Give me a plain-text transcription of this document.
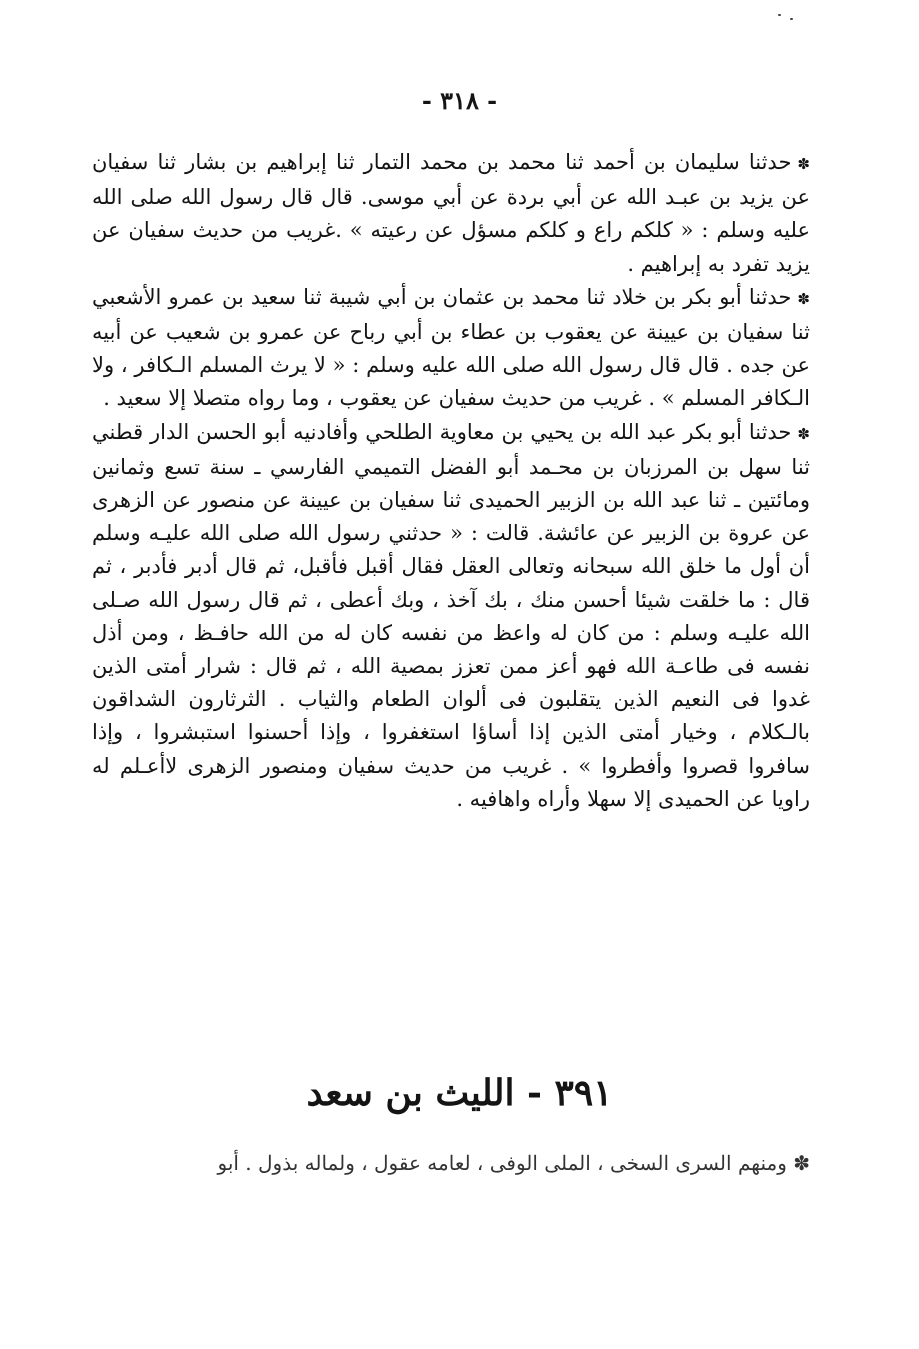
- ٣١٨ -

✽حدثنا سليمان بن أحمد ثنا محمد بن محمد التمار ثنا إبراهيم بن بشار ثنا سفيان عن يزيد بن عبـد الله عن أبي بردة عن أبي موسى. قال قال رسول الله صلى الله عليه وسلم : « كلكم راع و كلكم مسؤل عن رعيته » .غريب من حديث سفيان عن يزيد تفرد به إبراهيم .

✽حدثنا أبو بكر بن خلاد ثنا محمد بن عثمان بن أبي شيبة ثنا سعيد بن عمرو الأشعبي ثنا سفيان بن عيينة عن يعقوب بن عطاء بن أبي رباح عن عمرو بن شعيب عن أبيه عن جده . قال قال رسول الله صلى الله عليه وسلم : « لا يرث المسلم الـكافر ، ولا الـكافر المسلم » . غريب من حديث سفيان عن يعقوب ، وما رواه متصلا إلا سعيد .

✽حدثنا أبو بكر عبد الله بن يحيي بن معاوية الطلحي وأفادنيه أبو الحسن الدار قطني ثنا سهل بن المرزبان بن محـمد أبو الفضل التميمي الفارسي ـ سنة تسع وثمانين ومائتين ـ ثنا عبد الله بن الزبير الحميدى ثنا سفيان بن عيينة عن منصور عن الزهرى عن عروة بن الزبير عن عائشة. قالت : « حدثني رسول الله صلى الله عليـه وسلم أن أول ما خلق الله سبحانه وتعالى العقل فقال أقبل فأقبل، ثم قال أدبر فأدبر ، ثم قال : ما خلقت شيئا أحسن منك ، بك آخذ ، وبك أعطى ، ثم قال رسول الله صـلى الله عليـه وسلم : من كان له واعظ من نفسه كان له من الله حافـظ ، ومن أذل نفسه فى طاعـة الله فهو أعز ممن تعزز بمصية الله ، ثم قال : شرار أمتى الذين غدوا فى النعيم الذين يتقلبون فى ألوان الطعام والثياب . الثرثارون الشداقون بالـكلام ، وخيار أمتى الذين إذا أساؤا استغفروا ، وإذا أحسنوا استبشروا ، وإذا سافروا قصروا وأفطروا » . غريب من حديث سفيان ومنصور الزهرى لاأعـلم له راويا عن الحميدى إلا سهلا وأراه واهافيه .

٣٩١ - الليث بن سعد
✽ ومنهم السرى السخى ، الملى الوفى ، لعامه عقول ، ولماله بذول . أبو
